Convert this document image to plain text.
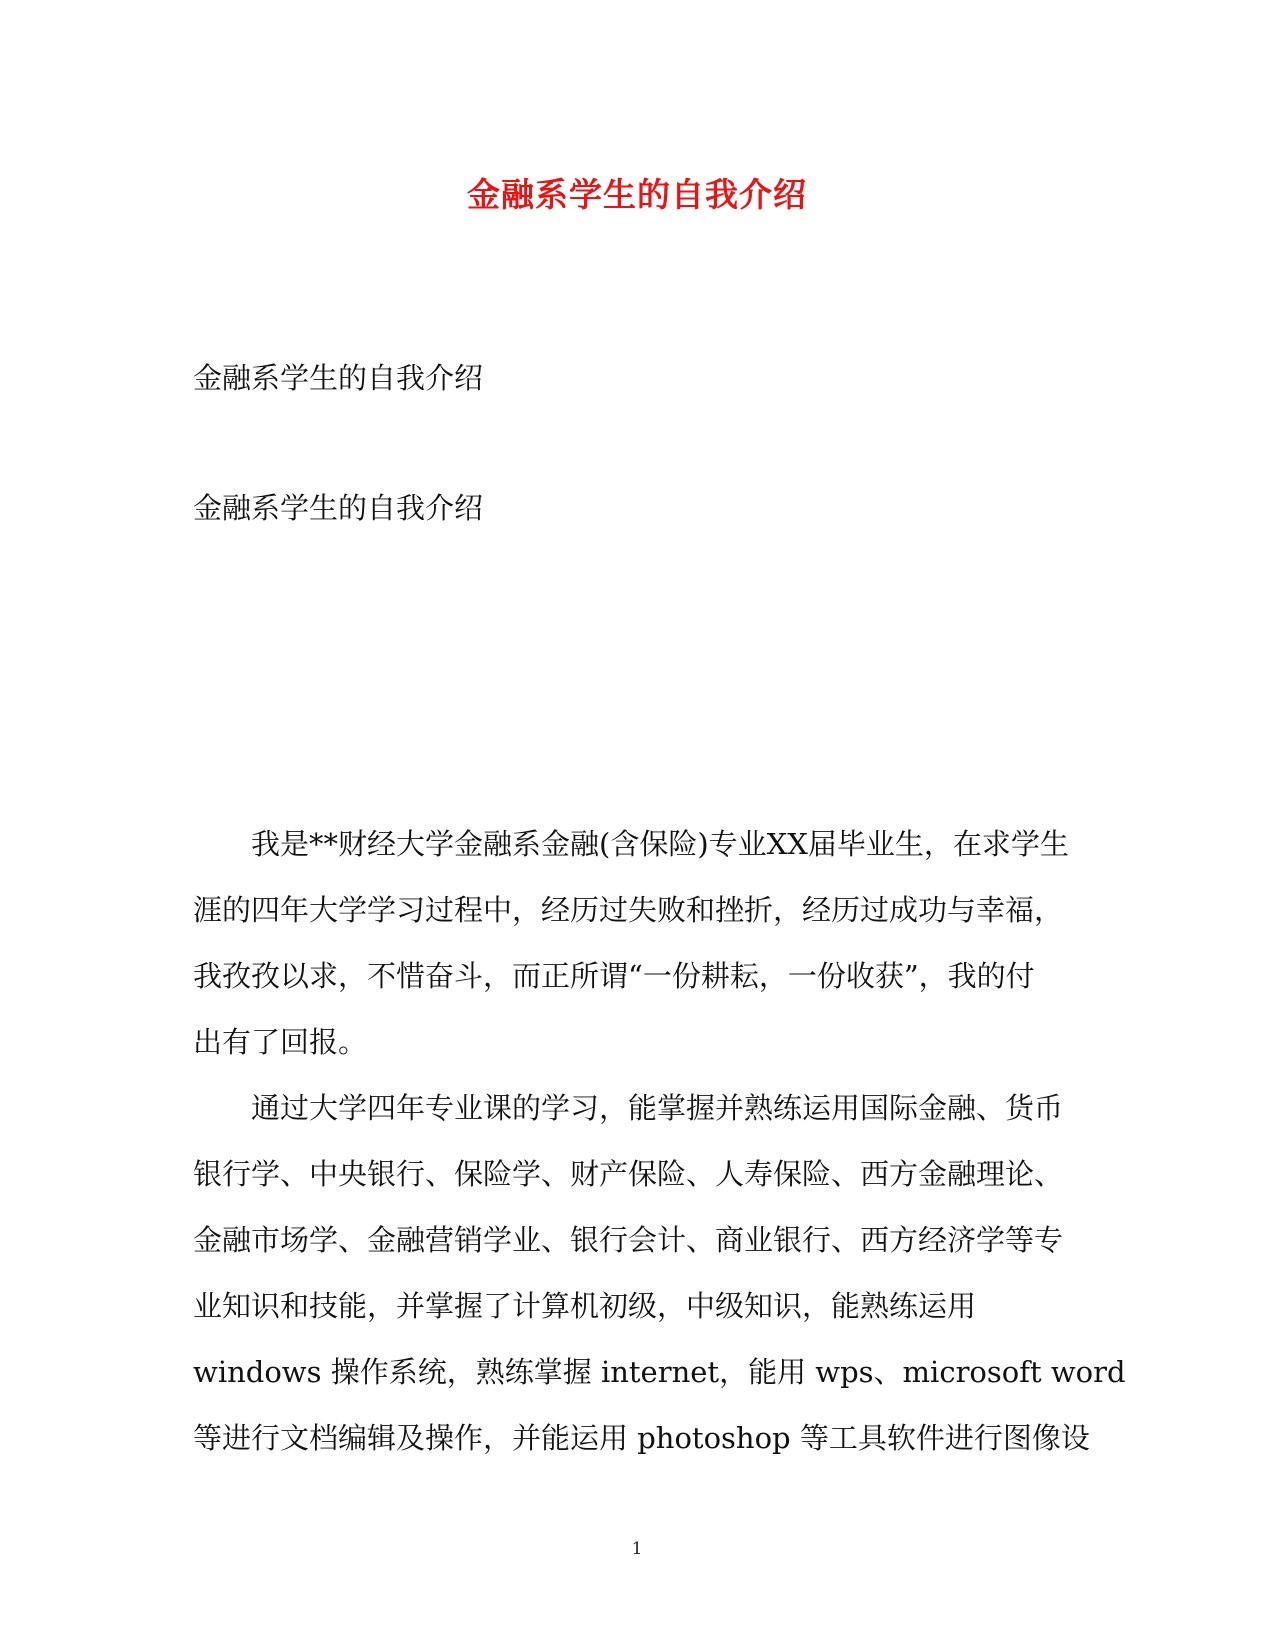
金融系学生的自我介绍
金融系学生的自我介绍
金融系学生的自我介绍
我是**财经大学金融系金融(含保险)专业XX届毕业生，在求学生
涯的四年大学学习过程中，经历过失败和挫折，经历过成功与幸福，
我孜孜以求，不惜奋斗，而正所谓“一份耕耘，一份收获”，我的付
出有了回报。
通过大学四年专业课的学习，能掌握并熟练运用国际金融、货币
银行学、中央银行、保险学、财产保险、人寿保险、西方金融理论、
金融市场学、金融营销学业、银行会计、商业银行、西方经济学等专
业知识和技能，并掌握了计算机初级，中级知识，能熟练运用
windows 操作系统，熟练掌握 internet，能用 wps、microsoft word
等进行文档编辑及操作，并能运用 photoshop 等工具软件进行图像设
1
